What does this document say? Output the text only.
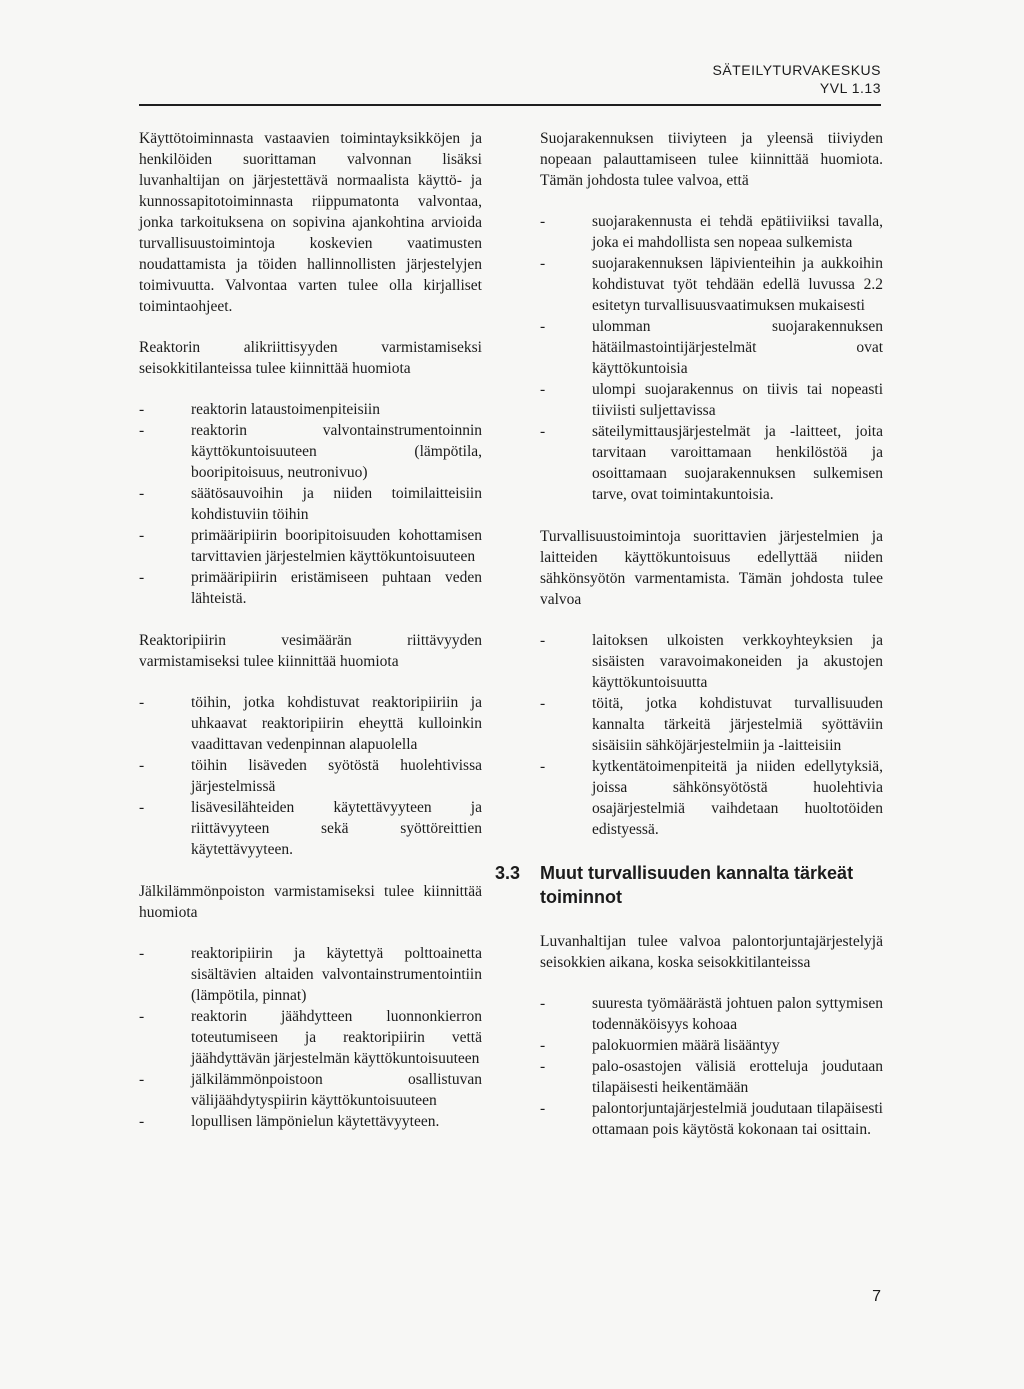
SÄTEILYTURVAKESKUS
YVL 1.13

Käyttötoiminnasta vastaavien toimintayksikköjen ja henkilöiden suorittaman valvonnan lisäksi luvanhaltijan on järjestettävä normaalista käyttö- ja kunnossapitotoiminnasta riippumatonta valvontaa, jonka tarkoituksena on sopivina ajankohtina arvioida turvallisuustoimintoja koskevien vaatimusten noudattamista ja töiden hallinnollisten järjestelyjen toimivuutta. Valvontaa varten tulee olla kirjalliset toimintaohjeet.

Reaktorin alikriittisyyden varmistamiseksi seisokkitilanteissa tulee kiinnittää huomiota

-	reaktorin lataustoimenpiteisiin
-	reaktorin valvontainstrumentoinnin käyttökuntoisuuteen (lämpötila, booripitoisuus, neutronivuo)
-	säätösauvoihin ja niiden toimilaitteisiin kohdistuviin töihin
-	primääripiirin booripitoisuuden kohottamisen tarvittavien järjestelmien käyttökuntoisuuteen
-	primääripiirin eristämiseen puhtaan veden lähteistä.

Reaktoripiirin vesimäärän riittävyyden varmistamiseksi tulee kiinnittää huomiota

-	töihin, jotka kohdistuvat reaktoripiiriin ja uhkaavat reaktoripiirin eheyttä kulloinkin vaadittavan vedenpinnan alapuolella
-	töihin lisäveden syötöstä huolehtivissa järjestelmissä
-	lisävesilähteiden käytettävyyteen ja riittävyyteen sekä syöttöreittien käytettävyyteen.

Jälkilämmönpoiston varmistamiseksi tulee kiinnittää huomiota

-	reaktoripiirin ja käytettyä polttoainetta sisältävien altaiden valvontainstrumentointiin (lämpötila, pinnat)
-	reaktorin jäähdytteen luonnonkierron toteutumiseen ja reaktoripiirin vettä jäähdyttävän järjestelmän käyttökuntoisuuteen
-	jälkilämmönpoistoon osallistuvan välijäähdytyspiirin käyttökuntoisuuteen
-	lopullisen lämpönielun käytettävyyteen.

Suojarakennuksen tiiviyteen ja yleensä tiiviyden nopeaan palauttamiseen tulee kiinnittää huomiota. Tämän johdosta tulee valvoa, että

-	suojarakennusta ei tehdä epätiiviiksi tavalla, joka ei mahdollista sen nopeaa sulkemista
-	suojarakennuksen läpivienteihin ja aukkoihin kohdistuvat työt tehdään edellä luvussa 2.2 esitetyn turvallisuusvaatimuksen mukaisesti
-	ulomman suojarakennuksen hätäilmastointijärjestelmät ovat käyttökuntoisia
-	ulompi suojarakennus on tiivis tai nopeasti tiiviisti suljettavissa
-	säteilymittausjärjestelmät ja -laitteet, joita tarvitaan varoittamaan henkilöstöä ja osoittamaan suojarakennuksen sulkemisen tarve, ovat toimintakuntoisia.

Turvallisuustoimintoja suorittavien järjestelmien ja laitteiden käyttökuntoisuus edellyttää niiden sähkönsyötön varmentamista. Tämän johdosta tulee valvoa

-	laitoksen ulkoisten verkkoyhteyksien ja sisäisten varavoimakoneiden ja akustojen käyttökuntoisuutta
-	töitä, jotka kohdistuvat turvallisuuden kannalta tärkeitä järjestelmiä syöttäviin sisäisiin sähköjärjestelmiin ja -laitteisiin
-	kytkentätoimenpiteitä ja niiden edellytyksiä, joissa sähkönsyötöstä huolehtivia osajärjestelmiä vaihdetaan huoltotöiden edistyessä.
3.3 Muut turvallisuuden kannalta tärkeät toiminnot

Luvanhaltijan tulee valvoa palontorjuntajärjestelyjä seisokkien aikana, koska seisokkitilanteissa

-	suuresta työmäärästä johtuen palon syttymisen todennäköisyys kohoaa
-	palokuormien määrä lisääntyy
-	palo-osastojen välisiä erotteluja joudutaan tilapäisesti heikentämään
-	palontorjuntajärjestelmiä joudutaan tilapäisesti ottamaan pois käytöstä kokonaan tai osittain.
7
